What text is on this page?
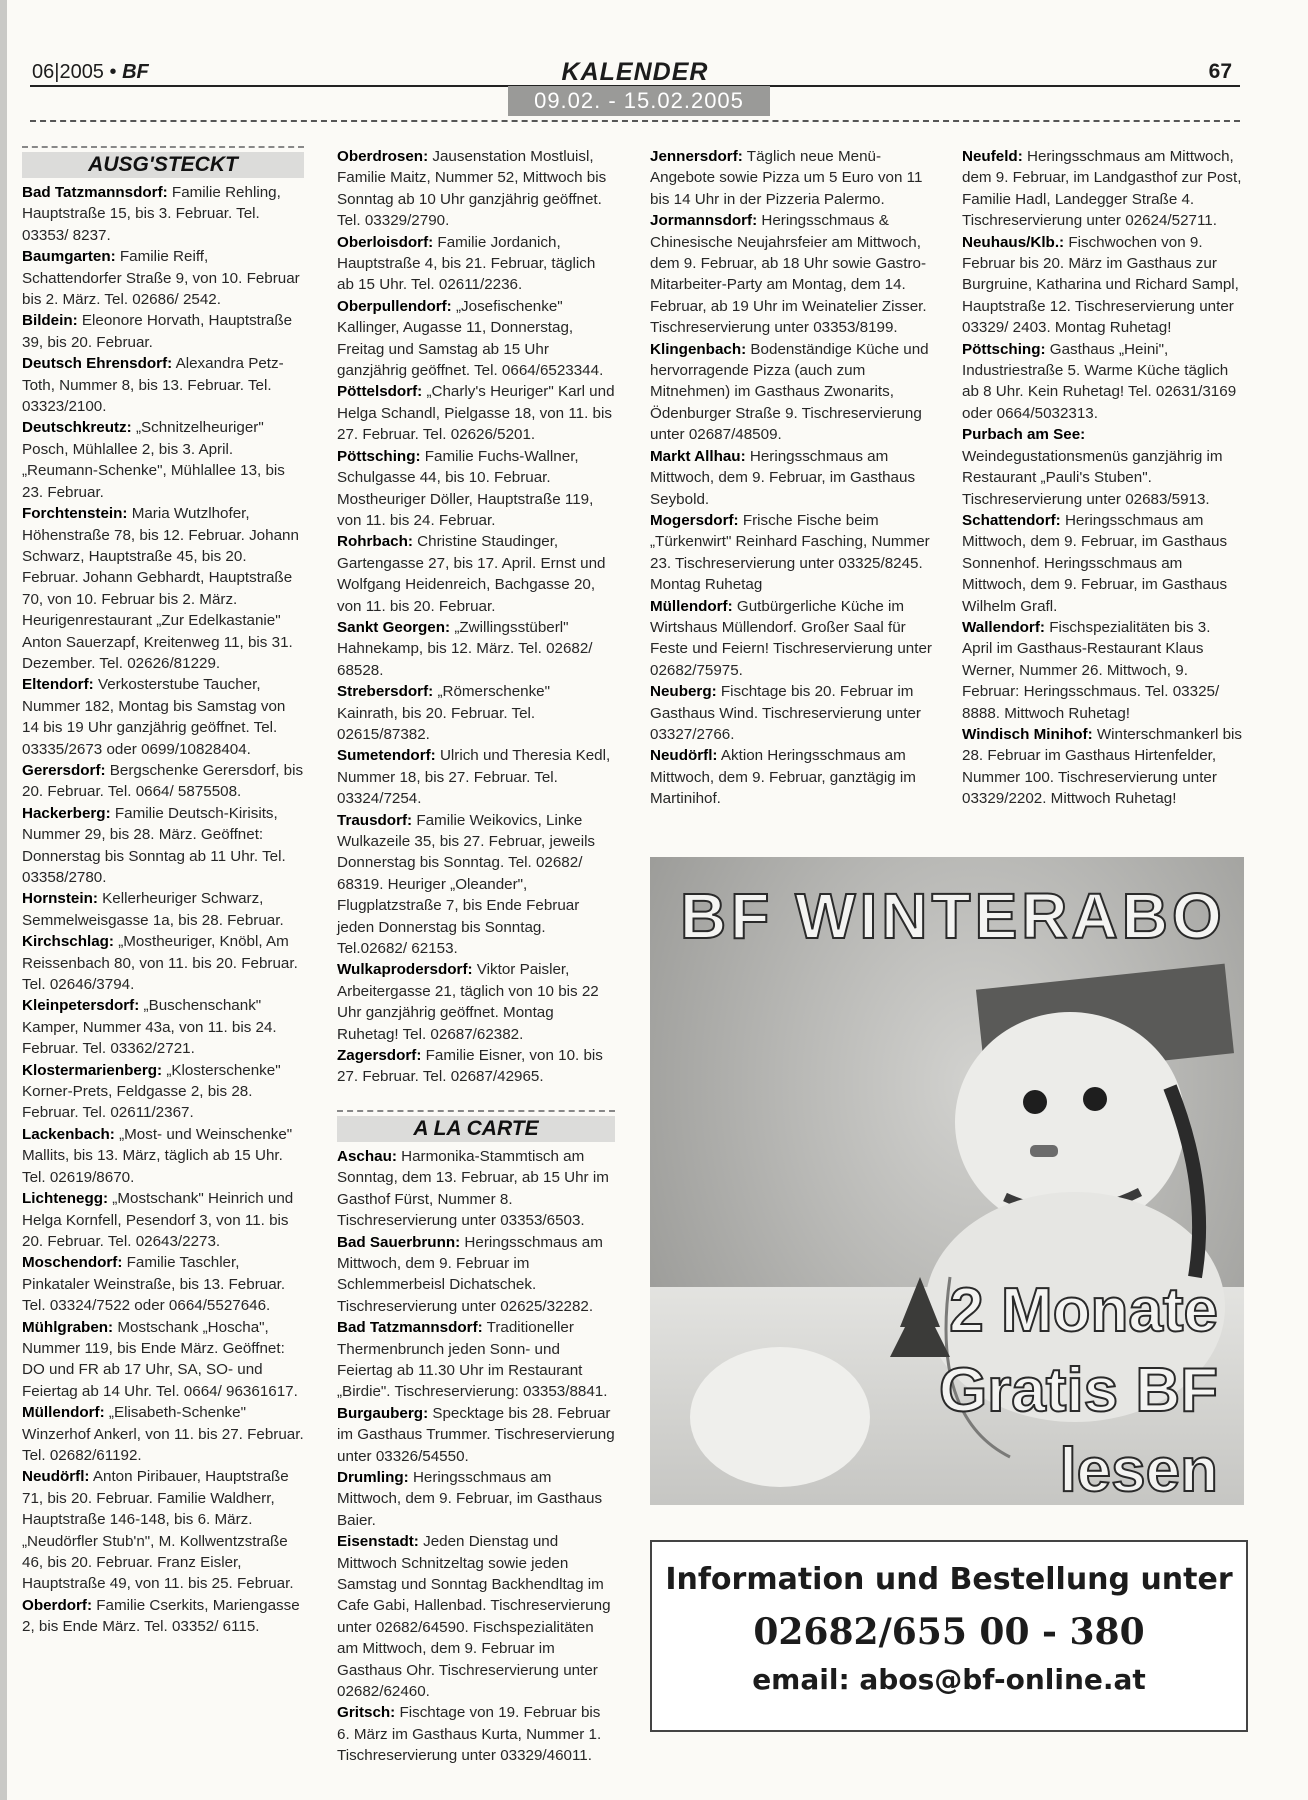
06|2005 • BF	KALENDER	67
09.02. - 15.02.2005
AUSG'STECKT

Bad Tatzmannsdorf: Familie Rehling, Hauptstraße 15, bis 3. Februar. Tel. 03353/ 8237.

Baumgarten: Familie Reiff, Schattendorfer Straße 9, von 10. Februar bis 2. März. Tel. 02686/ 2542.

Bildein: Eleonore Horvath, Hauptstraße 39, bis 20. Februar.

Deutsch Ehrensdorf: Alexandra Petz-Toth, Nummer 8, bis 13. Februar. Tel. 03323/2100.

Deutschkreutz: „Schnitzelheuriger" Posch, Mühlallee 2, bis 3. April. „Reumann-Schenke", Mühlallee 13, bis 23. Februar.

Forchtenstein: Maria Wutzlhofer, Höhenstraße 78, bis 12. Februar. Johann Schwarz, Hauptstraße 45, bis 20. Februar. Johann Gebhardt, Hauptstraße 70, von 10. Februar bis 2. März. Heurigenrestaurant „Zur Edelkastanie" Anton Sauerzapf, Kreitenweg 11, bis 31. Dezember. Tel. 02626/81229.

Eltendorf: Verkosterstube Taucher, Nummer 182, Montag bis Samstag von 14 bis 19 Uhr ganzjährig geöffnet. Tel. 03335/2673 oder 0699/10828404.

Gerersdorf: Bergschenke Gerersdorf, bis 20. Februar. Tel. 0664/ 5875508.

Hackerberg: Familie Deutsch-Kirisits, Nummer 29, bis 28. März. Geöffnet: Donnerstag bis Sonntag ab 11 Uhr. Tel. 03358/2780.

Hornstein: Kellerheuriger Schwarz, Semmelweisgasse 1a, bis 28. Februar.

Kirchschlag: „Mostheuriger, Knöbl, Am Reissenbach 80, von 11. bis 20. Februar. Tel. 02646/3794.

Kleinpetersdorf: „Buschenschank" Kamper, Nummer 43a, von 11. bis 24. Februar. Tel. 03362/2721.

Klostermarienberg: „Klosterschenke" Korner-Prets, Feldgasse 2, bis 28. Februar. Tel. 02611/2367.

Lackenbach: „Most- und Weinschenke" Mallits, bis 13. März, täglich ab 15 Uhr. Tel. 02619/8670.

Lichtenegg: „Mostschank" Heinrich und Helga Kornfell, Pesendorf 3, von 11. bis 20. Februar. Tel. 02643/2273.

Moschendorf: Familie Taschler, Pinkataler Weinstraße, bis 13. Februar. Tel. 03324/7522 oder 0664/5527646.

Mühlgraben: Mostschank „Hoscha", Nummer 119, bis Ende März. Geöffnet: DO und FR ab 17 Uhr, SA, SO- und Feiertag ab 14 Uhr. Tel. 0664/ 96361617.

Müllendorf: „Elisabeth-Schenke" Winzerhof Ankerl, von 11. bis 27. Februar. Tel. 02682/61192.

Neudörfl: Anton Piribauer, Hauptstraße 71, bis 20. Februar. Familie Waldherr, Hauptstraße 146-148, bis 6. März. „Neudörfler Stub'n", M. Kollwentzstraße 46, bis 20. Februar. Franz Eisler, Hauptstraße 49, von 11. bis 25. Februar.

Oberdorf: Familie Cserkits, Mariengasse 2, bis Ende März. Tel. 03352/ 6115.

Oberdrosen: Jausenstation Mostluisl, Familie Maitz, Nummer 52, Mittwoch bis Sonntag ab 10 Uhr ganzjährig geöffnet. Tel. 03329/2790.

Oberloisdorf: Familie Jordanich, Hauptstraße 4, bis 21. Februar, täglich ab 15 Uhr. Tel. 02611/2236.

Oberpullendorf: „Josefischenke" Kallinger, Augasse 11, Donnerstag, Freitag und Samstag ab 15 Uhr ganzjährig geöffnet. Tel. 0664/6523344.

Pöttelsdorf: „Charly's Heuriger" Karl und Helga Schandl, Pielgasse 18, von 11. bis 27. Februar. Tel. 02626/5201.

Pöttsching: Familie Fuchs-Wallner, Schulgasse 44, bis 10. Februar. Mostheuriger Döller, Hauptstraße 119, von 11. bis 24. Februar.

Rohrbach: Christine Staudinger, Gartengasse 27, bis 17. April. Ernst und Wolfgang Heidenreich, Bachgasse 20, von 11. bis 20. Februar.

Sankt Georgen: „Zwillingsstüberl" Hahnekamp, bis 12. März. Tel. 02682/ 68528.

Strebersdorf: „Römerschenke" Kainrath, bis 20. Februar. Tel. 02615/87382.

Sumetendorf: Ulrich und Theresia Kedl, Nummer 18, bis 27. Februar. Tel. 03324/7254.

Trausdorf: Familie Weikovics, Linke Wulkazeile 35, bis 27. Februar, jeweils Donnerstag bis Sonntag. Tel. 02682/ 68319. Heuriger „Oleander", Flugplatzstraße 7, bis Ende Februar jeden Donnerstag bis Sonntag. Tel.02682/ 62153.

Wulkaprodersdorf: Viktor Paisler, Arbeitergasse 21, täglich von 10 bis 22 Uhr ganzjährig geöffnet. Montag Ruhetag! Tel. 02687/62382.

Zagersdorf: Familie Eisner, von 10. bis 27. Februar. Tel. 02687/42965.

A LA CARTE

Aschau: Harmonika-Stammtisch am Sonntag, dem 13. Februar, ab 15 Uhr im Gasthof Fürst, Nummer 8. Tischreservierung unter 03353/6503.

Bad Sauerbrunn: Heringsschmaus am Mittwoch, dem 9. Februar im Schlemmerbeisl Dichatschek. Tischreservierung unter 02625/32282.

Bad Tatzmannsdorf: Traditioneller Thermenbrunch jeden Sonn- und Feiertag ab 11.30 Uhr im Restaurant „Birdie". Tischreservierung: 03353/8841.

Burgauberg: Specktage bis 28. Februar im Gasthaus Trummer. Tischreservierung unter 03326/54550.

Drumling: Heringsschmaus am Mittwoch, dem 9. Februar, im Gasthaus Baier.

Eisenstadt: Jeden Dienstag und Mittwoch Schnitzeltag sowie jeden Samstag und Sonntag Backhendltag im Cafe Gabi, Hallenbad. Tischreservierung unter 02682/64590. Fischspezialitäten am Mittwoch, dem 9. Februar im Gasthaus Ohr. Tischreservierung unter 02682/62460.

Gritsch: Fischtage von 19. Februar bis 6. März im Gasthaus Kurta, Nummer 1. Tischreservierung unter 03329/46011.

Jennersdorf: Täglich neue Menü-Angebote sowie Pizza um 5 Euro von 11 bis 14 Uhr in der Pizzeria Palermo.

Jormannsdorf: Heringsschmaus & Chinesische Neujahrsfeier am Mittwoch, dem 9. Februar, ab 18 Uhr sowie Gastro-Mitarbeiter-Party am Montag, dem 14. Februar, ab 19 Uhr im Weinatelier Zisser. Tischreservierung unter 03353/8199.

Klingenbach: Bodenständige Küche und hervorragende Pizza (auch zum Mitnehmen) im Gasthaus Zwonarits, Ödenburger Straße 9. Tischreservierung unter 02687/48509.

Markt Allhau: Heringsschmaus am Mittwoch, dem 9. Februar, im Gasthaus Seybold.

Mogersdorf: Frische Fische beim „Türkenwirt" Reinhard Fasching, Nummer 23. Tischreservierung unter 03325/8245. Montag Ruhetag

Müllendorf: Gutbürgerliche Küche im Wirtshaus Müllendorf. Großer Saal für Feste und Feiern! Tischreservierung unter 02682/75975.

Neuberg: Fischtage bis 20. Februar im Gasthaus Wind. Tischreservierung unter 03327/2766.

Neudörfl: Aktion Heringsschmaus am Mittwoch, dem 9. Februar, ganztägig im Martinihof.

Neufeld: Heringsschmaus am Mittwoch, dem 9. Februar, im Landgasthof zur Post, Familie Hadl, Landegger Straße 4. Tischreservierung unter 02624/52711.

Neuhaus/Klb.: Fischwochen von 9. Februar bis 20. März im Gasthaus zur Burgruine, Katharina und Richard Sampl, Hauptstraße 12. Tischreservierung unter 03329/ 2403. Montag Ruhetag!

Pöttsching: Gasthaus „Heini", Industriestraße 5. Warme Küche täglich ab 8 Uhr. Kein Ruhetag! Tel. 02631/3169 oder 0664/5032313.

Purbach am See: Weindegustationsmenüs ganzjährig im Restaurant „Pauli's Stuben". Tischreservierung unter 02683/5913.

Schattendorf: Heringsschmaus am Mittwoch, dem 9. Februar, im Gasthaus Sonnenhof. Heringsschmaus am Mittwoch, dem 9. Februar, im Gasthaus Wilhelm Grafl.

Wallendorf: Fischspezialitäten bis 3. April im Gasthaus-Restaurant Klaus Werner, Nummer 26. Mittwoch, 9. Februar: Heringsschmaus. Tel. 03325/ 8888. Mittwoch Ruhetag!

Windisch Minihof: Winterschmankerl bis 28. Februar im Gasthaus Hirtenfelder, Nummer 100. Tischreservierung unter 03329/2202. Mittwoch Ruhetag!

BF WINTERABO
2 Monate
Gratis BF
lesen
Information und Bestellung unter
02682/655 00 - 380
email: abos@bf-online.at
